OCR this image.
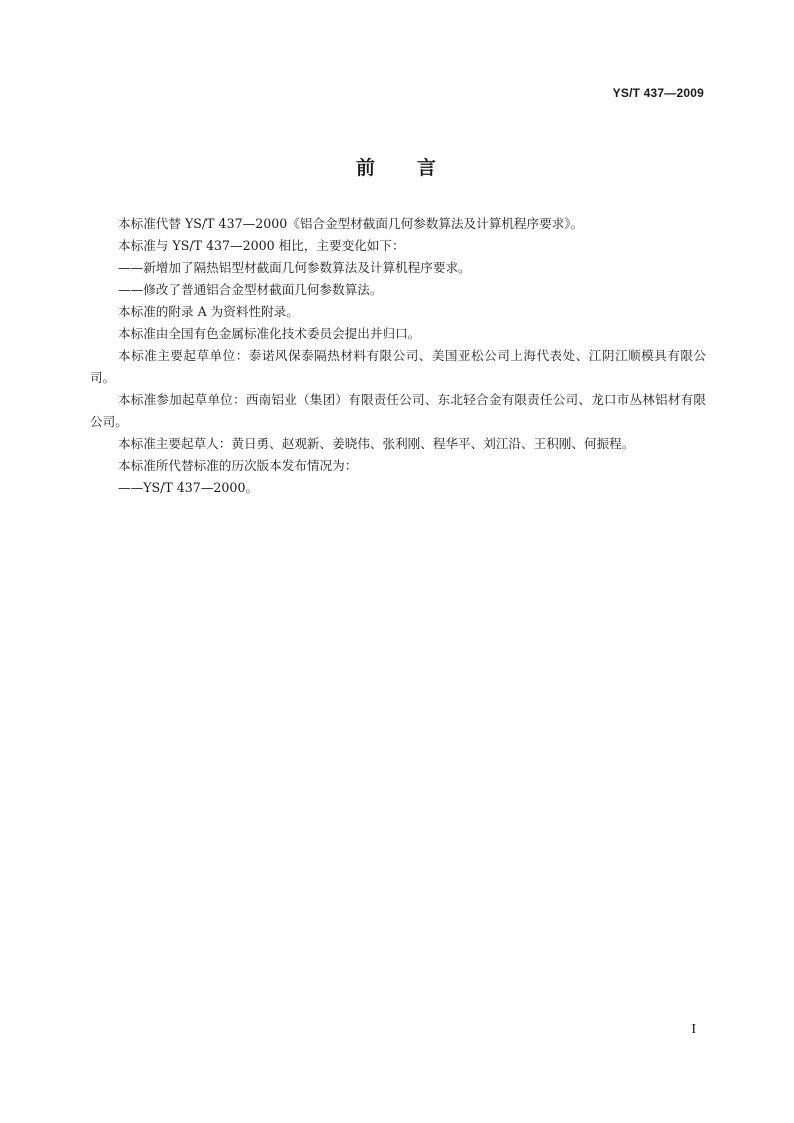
YS/T 437—2009
前 言

本标准代替 YS/T 437—2000《铝合金型材截面几何参数算法及计算机程序要求》。

本标准与 YS/T 437—2000 相比，主要变化如下：

——新增加了隔热铝型材截面几何参数算法及计算机程序要求。

——修改了普通铝合金型材截面几何参数算法。

本标准的附录 A 为资料性附录。

本标准由全国有色金属标准化技术委员会提出并归口。

本标准主要起草单位：泰诺风保泰隔热材料有限公司、美国亚松公司上海代表处、江阴江顺模具有限公司。

本标准参加起草单位：西南铝业（集团）有限责任公司、东北轻合金有限责任公司、龙口市丛林铝材有限公司。

本标准主要起草人：黄日勇、赵观新、姜晓伟、张利刚、程华平、刘江沿、王积刚、何振程。

本标准所代替标准的历次版本发布情况为：

——YS/T 437—2000。

I
